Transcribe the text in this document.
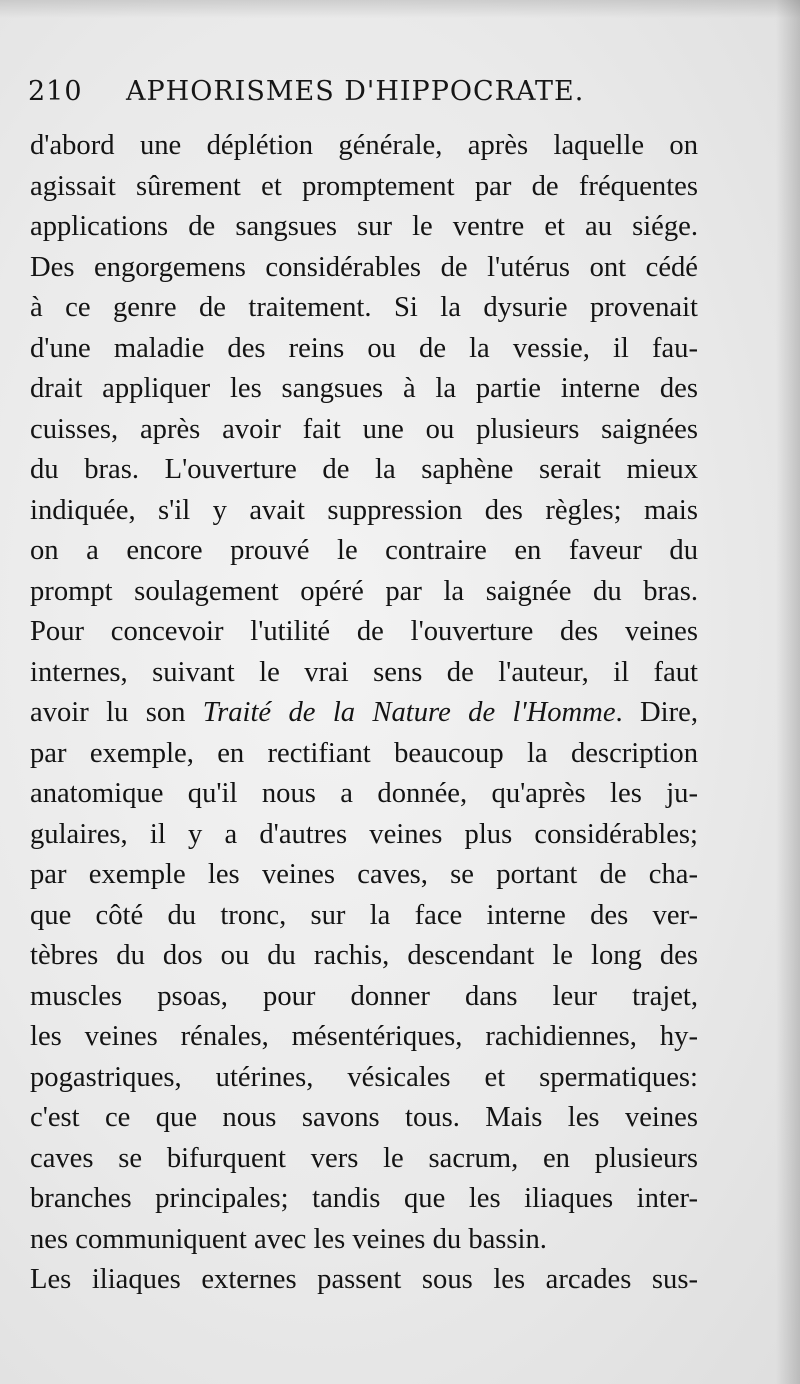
210 APHORISMES D'HIPPOCRATE.
d'abord une déplétion générale, après laquelle on
agissait sûrement et promptement par de fréquentes
applications de sangsues sur le ventre et au siége.
Des engorgemens considérables de l'utérus ont cédé
à ce genre de traitement. Si la dysurie provenait
d'une maladie des reins ou de la vessie, il fau-
drait appliquer les sangsues à la partie interne des
cuisses, après avoir fait une ou plusieurs saignées
du bras. L'ouverture de la saphène serait mieux
indiquée, s'il y avait suppression des règles; mais
on a encore prouvé le contraire en faveur du
prompt soulagement opéré par la saignée du bras.
Pour concevoir l'utilité de l'ouverture des veines
internes, suivant le vrai sens de l'auteur, il faut
avoir lu son Traité de la Nature de l'Homme. Dire,
par exemple, en rectifiant beaucoup la description
anatomique qu'il nous a donnée, qu'après les ju-
gulaires, il y a d'autres veines plus considérables;
par exemple les veines caves, se portant de cha-
que côté du tronc, sur la face interne des ver-
tèbres du dos ou du rachis, descendant le long des
muscles psoas, pour donner dans leur trajet,
les veines rénales, mésentériques, rachidiennes, hy-
pogastriques, utérines, vésicales et spermatiques:
c'est ce que nous savons tous. Mais les veines
caves se bifurquent vers le sacrum, en plusieurs
branches principales; tandis que les iliaques inter-
nes communiquent avec les veines du bassin.
Les iliaques externes passent sous les arcades sus-
